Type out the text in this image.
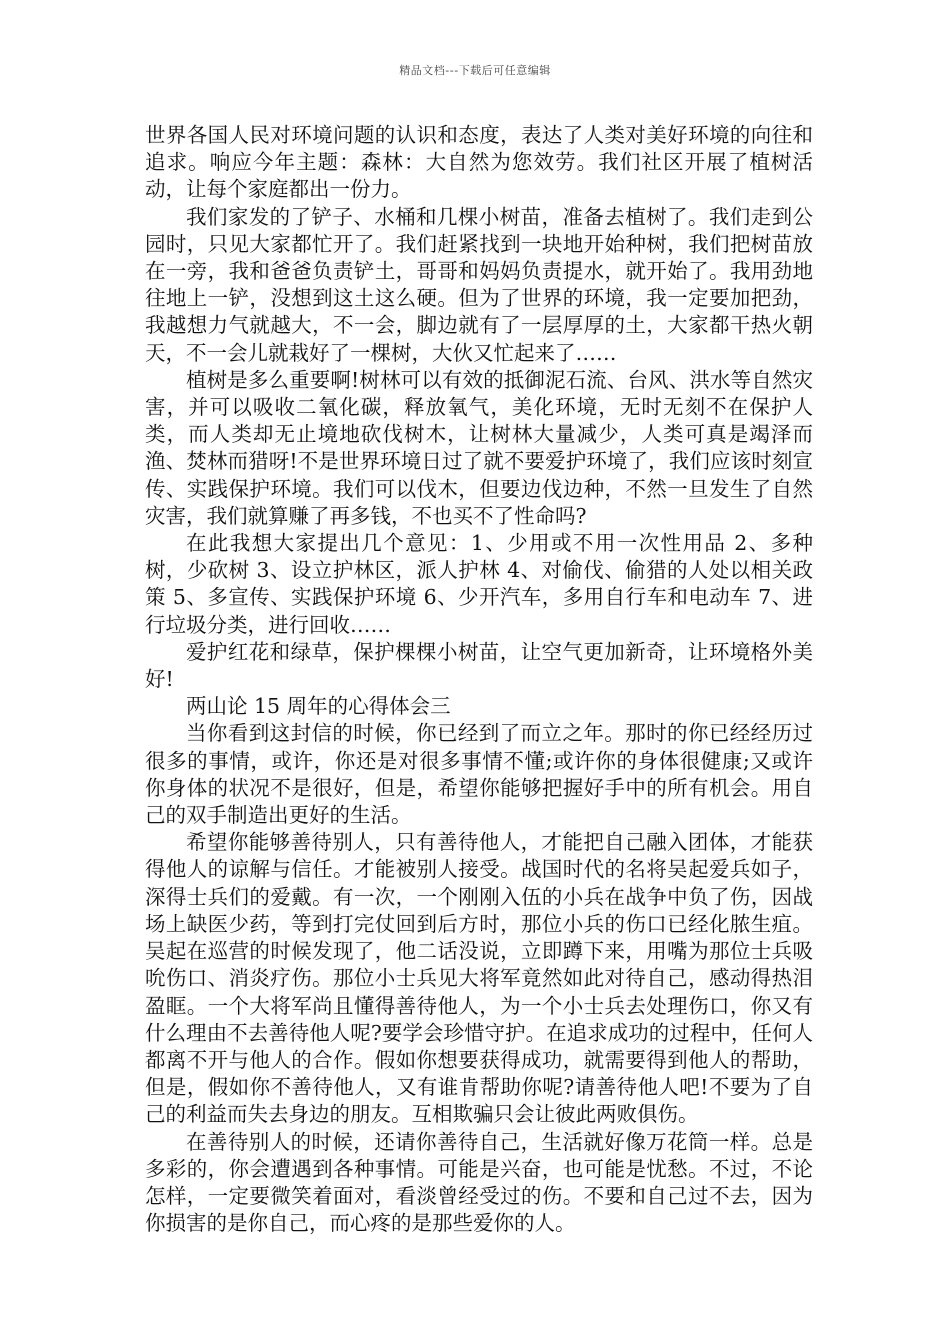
精品文档---下载后可任意编辑

世界各国人民对环境问题的认识和态度，表达了人类对美好环境的向往和追求。响应今年主题：森林：大自然为您效劳。我们社区开展了植树活动，让每个家庭都出一份力。

我们家发的了铲子、水桶和几棵小树苗，准备去植树了。我们走到公园时，只见大家都忙开了。我们赶紧找到一块地开始种树，我们把树苗放在一旁，我和爸爸负责铲土，哥哥和妈妈负责提水，就开始了。我用劲地往地上一铲，没想到这土这么硬。但为了世界的环境，我一定要加把劲，我越想力气就越大，不一会，脚边就有了一层厚厚的土，大家都干热火朝天，不一会儿就栽好了一棵树，大伙又忙起来了……

植树是多么重要啊!树林可以有效的抵御泥石流、台风、洪水等自然灾害，并可以吸收二氧化碳，释放氧气，美化环境，无时无刻不在保护人类，而人类却无止境地砍伐树木，让树林大量减少，人类可真是竭泽而渔、焚林而猎呀!不是世界环境日过了就不要爱护环境了，我们应该时刻宣传、实践保护环境。我们可以伐木，但要边伐边种，不然一旦发生了自然灾害，我们就算赚了再多钱，不也买不了性命吗?

在此我想大家提出几个意见：1、少用或不用一次性用品 2、多种树，少砍树 3、设立护林区，派人护林 4、对偷伐、偷猎的人处以相关政策 5、多宣传、实践保护环境 6、少开汽车，多用自行车和电动车 7、进行垃圾分类，进行回收……

爱护红花和绿草，保护棵棵小树苗，让空气更加新奇，让环境格外美好!

两山论 15 周年的心得体会三

当你看到这封信的时候，你已经到了而立之年。那时的你已经经历过很多的事情，或许，你还是对很多事情不懂;或许你的身体很健康;又或许你身体的状况不是很好，但是，希望你能够把握好手中的所有机会。用自己的双手制造出更好的生活。

希望你能够善待别人，只有善待他人，才能把自己融入团体，才能获得他人的谅解与信任。才能被别人接受。战国时代的名将吴起爱兵如子，深得士兵们的爱戴。有一次，一个刚刚入伍的小兵在战争中负了伤，因战场上缺医少药，等到打完仗回到后方时，那位小兵的伤口已经化脓生疽。吴起在巡营的时候发现了，他二话没说，立即蹲下来，用嘴为那位士兵吸吮伤口、消炎疗伤。那位小士兵见大将军竟然如此对待自己，感动得热泪盈眶。一个大将军尚且懂得善待他人，为一个小士兵去处理伤口，你又有什么理由不去善待他人呢?要学会珍惜守护。在追求成功的过程中，任何人都离不开与他人的合作。假如你想要获得成功，就需要得到他人的帮助，但是，假如你不善待他人，又有谁肯帮助你呢?请善待他人吧!不要为了自己的利益而失去身边的朋友。互相欺骗只会让彼此两败俱伤。

在善待别人的时候，还请你善待自己，生活就好像万花筒一样。总是多彩的，你会遭遇到各种事情。可能是兴奋，也可能是忧愁。不过，不论怎样，一定要微笑着面对，看淡曾经受过的伤。不要和自己过不去，因为你损害的是你自己，而心疼的是那些爱你的人。
